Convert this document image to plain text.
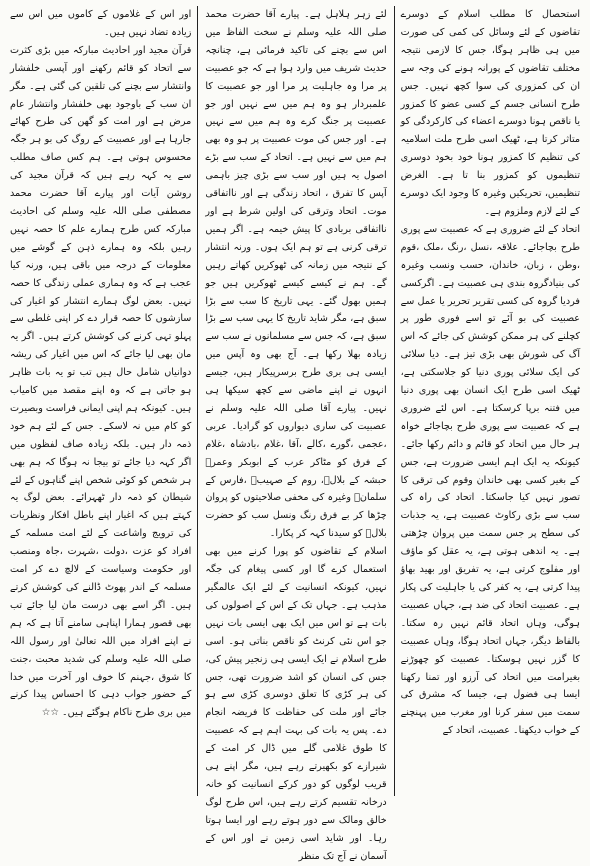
استحصال کا مطلب اسلام کے دوسرے تقاضوں کے لئے وسائل کی کمی کی صورت میں ہی ظاہر ہوگا، جس کا لازمی نتیجہ مختلف تقاضوں کے پورانہ ہونے کی وجہ سے ان کی کمزوری کی سوا کچھ نہیں۔ جس طرح انسانی جسم کے کسی عضو کا کمزور یا ناقص ہونا دوسرے اعضاء کی کارکردگی کو متاثر کرتا ہے، ٹھیک اسی طرح ملت اسلامیہ کی تنظیم کا کمزور ہونا خود بخود دوسری تنظیموں کو کمزور بنا تا ہے۔ الغرض تنظیمیں، تحریکیں وغیرہ کا وجود ایک دوسرے کے لئے لازم وملزوم ہے۔

اتحاد کے لئے ضروری ہے کہ عصبیت سے پوری طرح بچاجائے۔ علاقہ ،نسل ،رنگ ،ملک ،قوم ،وطن ، زبان، خاندان، حسب ونسب وغیرہ کی بنیادگروہ بندی ہی عصبیت ہے۔ اگرکسی فردیا گروہ کی کسی تقریر تحریر یا عمل سے عصبیت کی بو آئے تو اسے فوری طور پر کچلنے کی ہر ممکن کوشش کی جائے کہ اس آگ کی شورش بھی بڑی تیز ہے۔ دیا سلائی کی ایک سلائی پوری دنیا کو جلاسکتی ہے، ٹھیک اسی طرح ایک انسان بھی پوری دنیا میں فتنہ برپا کرسکتا ہے۔ اس لئے ضروری ہے کہ عصبیت سے پوری طرح بچاجائے خواہ ہر حال میں اتحاد کو قائم و دائم رکھا جائے۔ کیونکہ یہ ایک اہم ایسی ضرورت ہے، جس کے بغیر کسی بھی خاندان وقوم کی ترقی کا تصور نہیں کیا جاسکتا۔ اتحاد کی راہ کی سب سے بڑی رکاوٹ عصبیت ہے، یہ جذبات کی سطح پر جس سمت میں پروان چڑھتی ہے۔ یہ اندھی ہوتی ہے، یہ عقل کو ماؤف اور مفلوج کرتی ہے، یہ تفریق اور بھید بھاؤ پیدا کرتی ہے، یہ کفر کی یا جاہلیت کی پکار ہے۔ عصبیت اتحاد کی ضد ہے، جہاں عصبیت ہوگی، وہاں اتحاد قائم نہیں رہ سکتا۔ بالفاظ دیگر، جہاں اتحاد ہوگا، وہاں عصبیت کا گزر نہیں ہوسکتا۔ عصبیت کو چھوڑنے بغیرامت میں اتحاد کی آرزو اور تمنا رکھنا ایسا ہی فضول ہے، جیسا کہ مشرق کی سمت میں سفر کرنا اور مغرب میں پہنچنے کے خواب دیکھنا۔ عصبیت، اتحاد کے

لئے زہر ہلاہل ہے۔ پیارے آقا حضرت محمد صلی اللہ علیہ وسلم نے سخت الفاظ میں اس سے بچنے کی تاکید فرمائی ہے، چنانچہ حدیث شریف میں وارد ہوا ہے کہ جو عصبیت پر مرا وہ جاہلیت پر مرا اور جو عصبیت کا علمبردار ہو وہ ہم میں سے نہیں اور جو عصبیت پر جنگ کرے وہ ہم میں سے نہیں ہے۔ اور جس کی موت عصبیت پر ہو وہ بھی ہم میں سے نہیں ہے۔ اتحاد کے سب سے بڑے اصول یہ ہیں اور سب سے بڑی چیز باہمی آپس کا تفرق ، اتحاد زندگی ہے اور نااتفاقی موت۔ اتحاد وترقی کی اولین شرط ہے اور نااتفاقی بربادی کا پیش خیمہ ہے۔ اگر ہمیں ترقی کرنی ہے تو ہم ایک ہوں۔ ورنہ انتشار کے نتیجہ میں زمانہ کی ٹھوکریں کھاتے رہیں گے۔ ہم نے کیسے کیسے ٹھوکریں ہیں جو ہمیں بھول گئے۔ یہی تاریخ کا سب سے بڑا سبق ہے، مگر شاید تاریخ کا یہی سب سے بڑا سبق ہے، کہ جس سے مسلمانوں نے سب سے زیادہ بھلا رکھا ہے۔ آج بھی وہ آپس میں ایسی ہی بری طرح برسرپیکار ہیں، جیسے انہوں نے اپنے ماضی سے کچھ سیکھا ہی نہیں۔ پیارے آقا صلی اللہ علیہ وسلم نے عصبیت کی ساری دیواروں کو گرادیا۔ عربی ،عجمی ،گورے ،کالے ،آقا ،غلام ،بادشاہ ،غلام کے فرق کو مٹاکر عرب کے ابوبکر وعمرؓ حبشہ کے بلالؓ، روم کے صہیبؓ ،فارس کے سلمانؓ وغیرہ کی مخفی صلاحیتوں کو پروان چڑھا کر بے فرق رنگ ونسل سب کو حضرت بلالؓ کو سیدنا کہہ کر پکارا۔

اسلام کے تقاضوں کو پورا کرنے میں بھی استعمال کرے گا اور کسی پیغام کی جگہ نہیں، کیونکہ انسانیت کے لئے ایک عالمگیر مذہب ہے۔ جہاں تک کے اس کے اصولوں کی بات ہے تو اس میں ایک بھی ایسی بات نہیں جو اس نئی کرنٹ کو ناقص بناتی ہو۔ اسی طرح اسلام نے ایک ایسی ہی زنجیر پیش کی، جس کی انسان کو اشد ضرورت تھی، جس کی ہر کڑی کا تعلق دوسری کڑی سے ہو جائے اور ملت کی حفاظت کا فریضہ انجام دے۔ پس یہ بات کی بہت اہم ہے کہ عصبیت کا طوق غلامی گلے میں ڈال کر امت کے شیرازے کو بکھیرتے رہے ہیں، مگر اپنے ہی قریب لوگوں کو دور کرکے انسانیت کو خانہ درخانہ تقسیم کرتے رہے ہیں، اس طرح لوگ خالق ومالک سے دور ہوتے رہے اور ایسا ہوتا رہا۔ اور شاید اسی زمین نے اور اس کے آسمان نے آج تک منظر

اور اس کے غلاموں کے کاموں میں اس سے زیادہ تضاد نہیں ہیں۔

قرآن مجید اور احادیث مبارکہ میں بڑی کثرت سے اتحاد کو قائم رکھنے اور آپسی خلفشار وانتشار سے بچنے کی تلقین کی گئی ہے۔ مگر ان سب کے باوجود بھی خلفشار وانتشار عام مرض ہے اور امت کو گھن کی طرح کھائے جارہا ہے اور عصبیت کے روگ کی بو ہر جگہ محسوس ہوتی ہے۔ ہم کس صاف مطلب سے یہ کہہ رہے ہیں کہ قرآن مجید کی روشن آیات اور پیارے آقا حضرت محمد مصطفی صلی اللہ علیہ وسلم کی احادیث مبارکہ کس طرح ہمارے علم کا حصہ نہیں رہیں بلکہ وہ ہمارے ذہن کے گوشے میں معلومات کے درجہ میں باقی ہیں، ورنہ کیا عجب ہے کہ وہ ہماری عملی زندگی کا حصہ نہیں۔ بعض لوگ ہمارے انتشار کو اغیار کی سازشوں کا حصہ قرار دے کر اپنی غلطی سے پہلو تہی کرنے کی کوشش کرتے ہیں۔ اگر یہ مان بھی لیا جائے کہ اس میں اغیار کی ریشہ دوانیاں شامل حال ہیں تب تو یہ بات ظاہر ہو جاتی ہے کہ وہ اپنے مقصد میں کامیاب ہیں۔ کیونکہ ہم اپنی ایمانی فراست وبصیرت کو کام میں نہ لاسکے۔ جس کے لئے ہم خود ذمہ دار ہیں۔ بلکہ زیادہ صاف لفظوں میں اگر کہہ دیا جائے تو بیجا نہ ہوگا کہ ہم بھی ہر شخص کو کوئی شخص اپنے گناہوں کے لئے شیطان کو ذمہ دار ٹھہرائے۔ بعض لوگ یہ کہتے ہیں کہ اغیار اپنے باطل افکار ونظریات کی ترویج واشاعت کے لئے امت مسلمہ کے افراد کو عزت ،دولت ،شہرت ،جاہ ومنصب اور حکومت وسیاست کے لالچ دے کر امت مسلمہ کے اندر پھوٹ ڈالنے کی کوشش کرتے ہیں۔ اگر اسے بھی درست مان لیا جائے تب بھی قصور ہمارا اپناہی سامنے آتا ہے کہ ہم نے اپنے افراد میں اللہ تعالیٰ اور رسول اللہ صلی اللہ علیہ وسلم کی شدید محبت ،جنت کا شوق ،جہنم کا خوف اور آخرت میں خدا کے حضور جواب دہی کا احساس پیدا کرنے میں بری طرح ناکام ہوگئے ہیں۔ ☆☆
